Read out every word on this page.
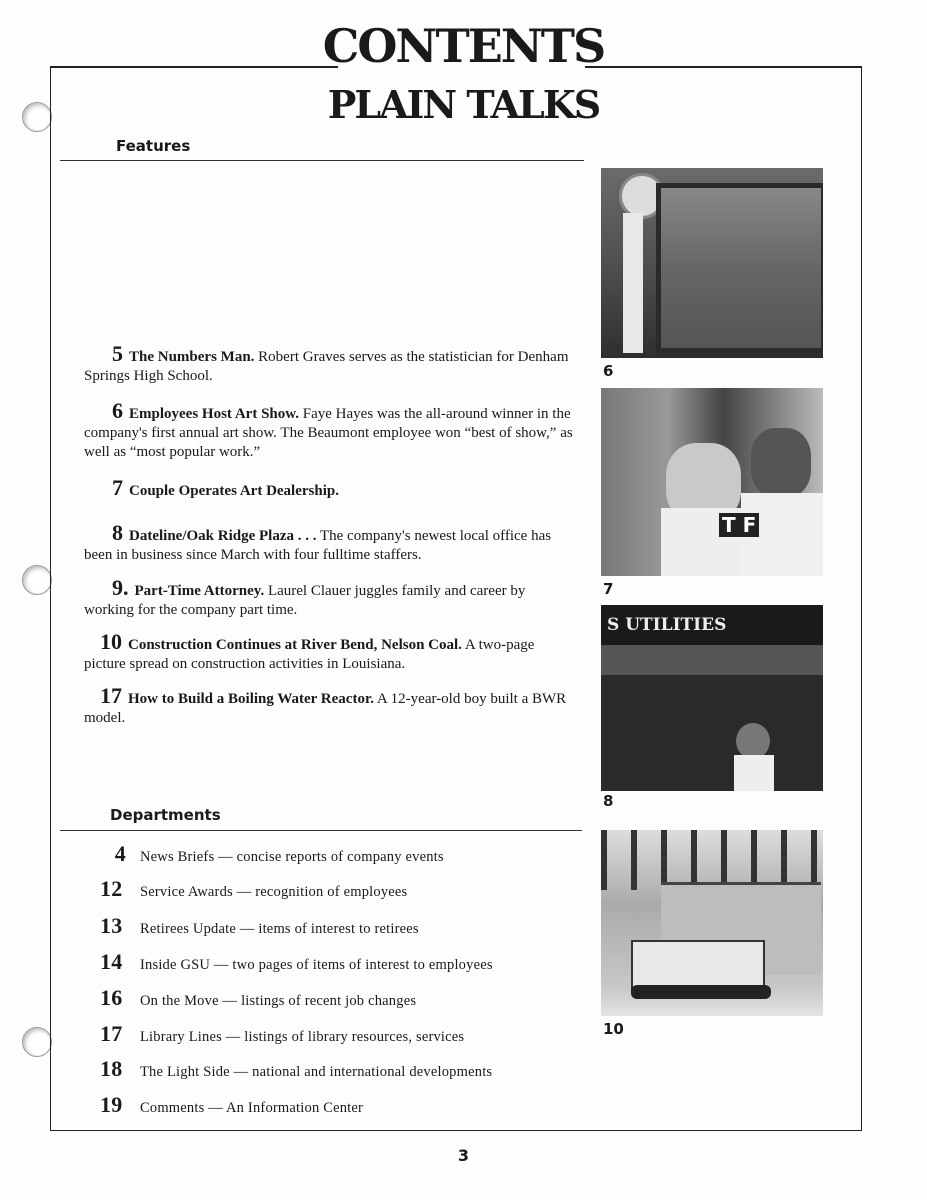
CONTENTS
PLAIN TALKS
Features
5 The Numbers Man. Robert Graves serves as the statistician for Denham Springs High School.
6 Employees Host Art Show. Faye Hayes was the all-around winner in the company's first annual art show. The Beaumont employee won “best of show,” as well as “most popular work.”
7 Couple Operates Art Dealership.
8 Dateline/Oak Ridge Plaza . . . The company's newest local office has been in business since March with four fulltime staffers.
9. Part-Time Attorney. Laurel Clauer juggles family and career by working for the company part time.
10 Construction Continues at River Bend, Nelson Coal. A two-page picture spread on construction activities in Louisiana.
17 How to Build a Boiling Water Reactor. A 12-year-old boy built a BWR model.
Departments
4 News Briefs — concise reports of company events
12 Service Awards — recognition of employees
13 Retirees Update — items of interest to retirees
14 Inside GSU — two pages of items of interest to employees
16 On the Move — listings of recent job changes
17 Library Lines — listings of library resources, services
18 The Light Side — national and international developments
19 Comments — An Information Center
6
T F
7
S UTILITIES
8
10
3
